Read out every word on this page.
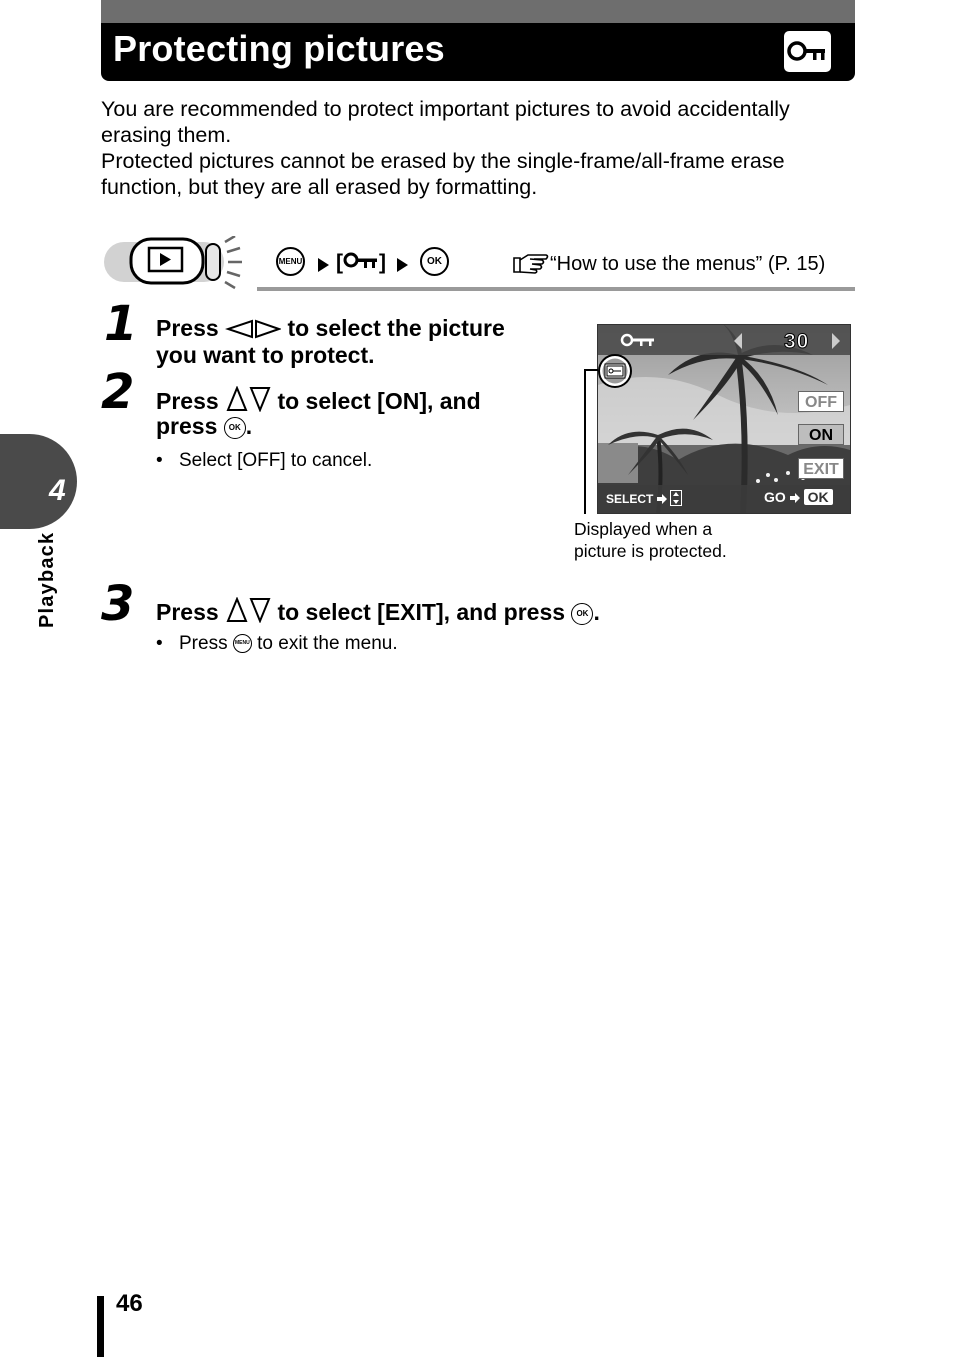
Protecting pictures

You are recommended to protect important pictures to avoid accidentally erasing them.

Protected pictures cannot be erased by the single-frame/all-frame erase function, but they are all erased by formatting.

MENU [ ]	OK	“How to use the menus” (P. 15)
1 Press	to select the picture
you want to protect.
2 Press	to select [ON], and
press OK .
• Select [OFF] to cancel.
30
OFF
ON
EXIT
SELECT	GO OK
Displayed when a
picture is protected.
3 Press	to select [EXIT], and press OK .
• Press MENU to exit the menu.
4
Playback
46
